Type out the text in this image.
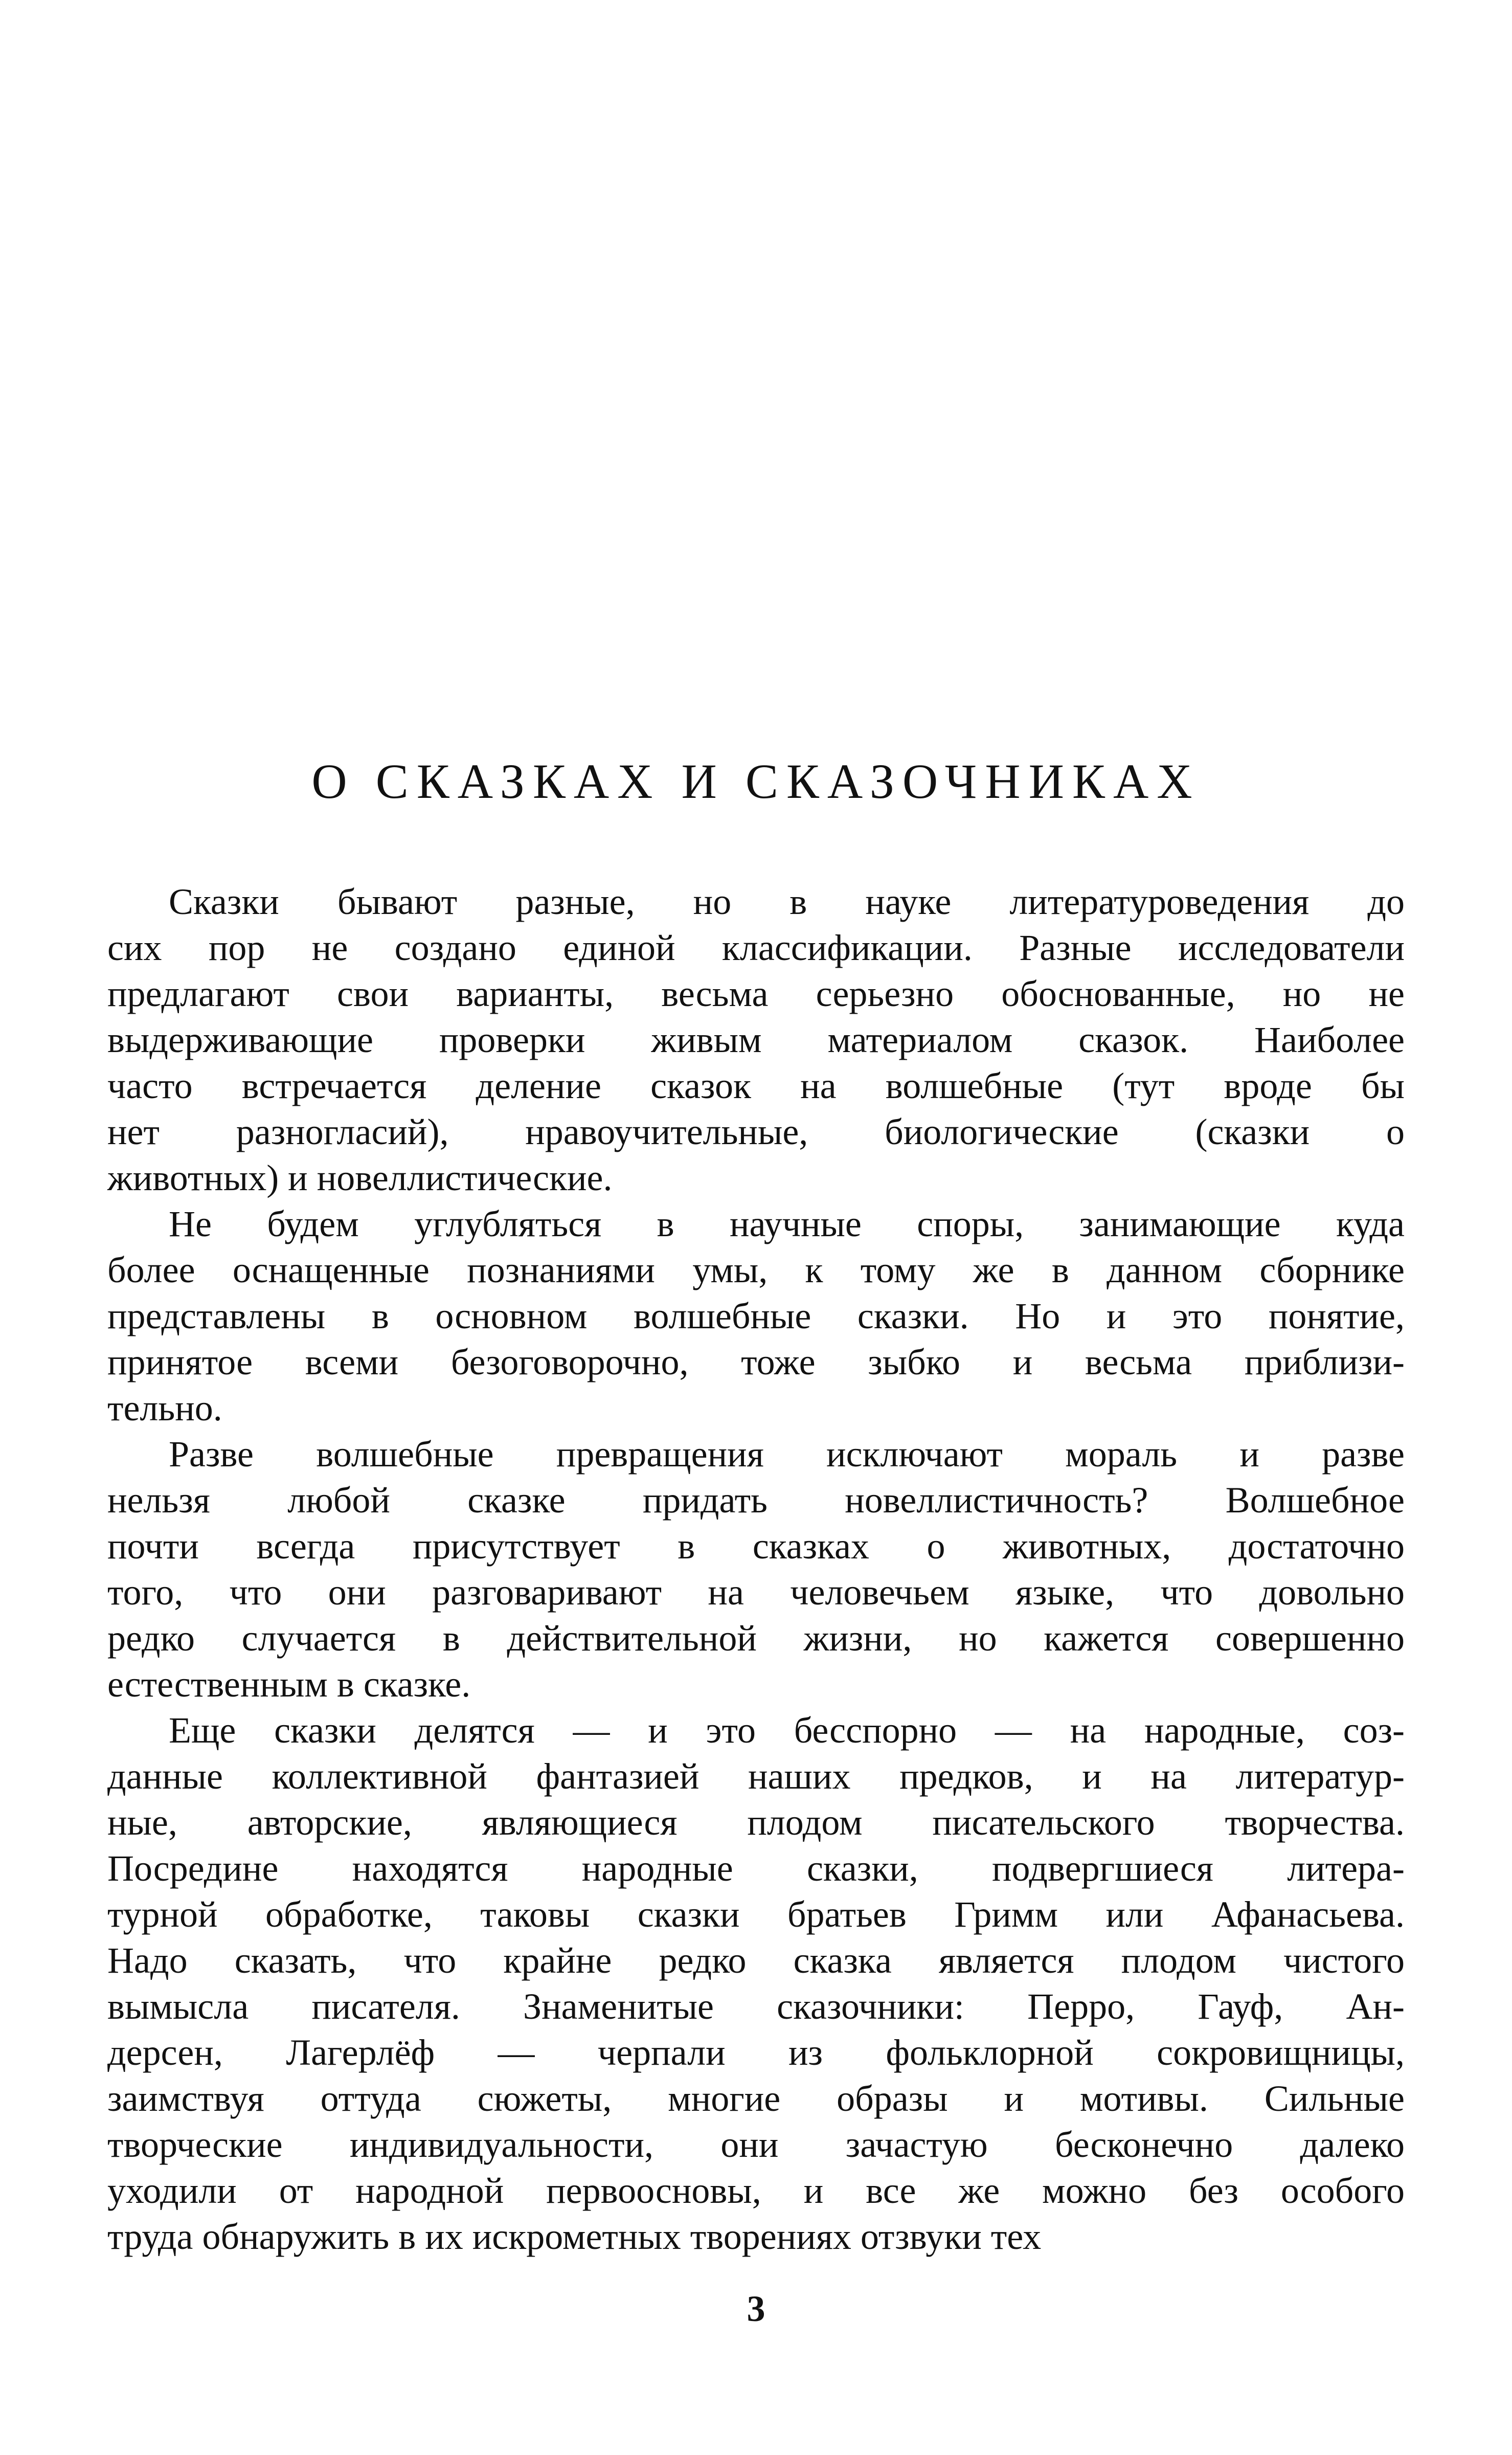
О СКАЗКАХ И СКАЗОЧНИКАХ
Сказки бывают разные, но в науке литературоведения до
сих пор не создано единой классификации. Разные исследователи
предлагают свои варианты, весьма серьезно обоснованные, но не
выдерживающие проверки живым материалом сказок. Наиболее
часто встречается деление сказок на волшебные (тут вроде бы
нет разногласий), нравоучительные, биологические (сказки о
животных) и новеллистические.
Не будем углубляться в научные споры, занимающие куда
более оснащенные познаниями умы, к тому же в данном сборнике
представлены в основном волшебные сказки. Но и это понятие,
принятое всеми безоговорочно, тоже зыбко и весьма приблизи-
тельно.
Разве волшебные превращения исключают мораль и разве
нельзя любой сказке придать новеллистичность? Волшебное
почти всегда присутствует в сказках о животных, достаточно
того, что они разговаривают на человечьем языке, что довольно
редко случается в действительной жизни, но кажется совершенно
естественным в сказке.
Еще сказки делятся — и это бесспорно — на народные, соз-
данные коллективной фантазией наших предков, и на литератур-
ные, авторские, являющиеся плодом писательского творчества.
Посредине находятся народные сказки, подвергшиеся литера-
турной обработке, таковы сказки братьев Гримм или Афанасьева.
Надо сказать, что крайне редко сказка является плодом чистого
вымысла писателя. Знаменитые сказочники: Перро, Гауф, Ан-
дерсен, Лагерлёф — черпали из фольклорной сокровищницы,
заимствуя оттуда сюжеты, многие образы и мотивы. Сильные
творческие индивидуальности, они зачастую бесконечно далеко
уходили от народной первоосновы, и все же можно без особого
труда обнаружить в их искрометных творениях отзвуки тех
3
